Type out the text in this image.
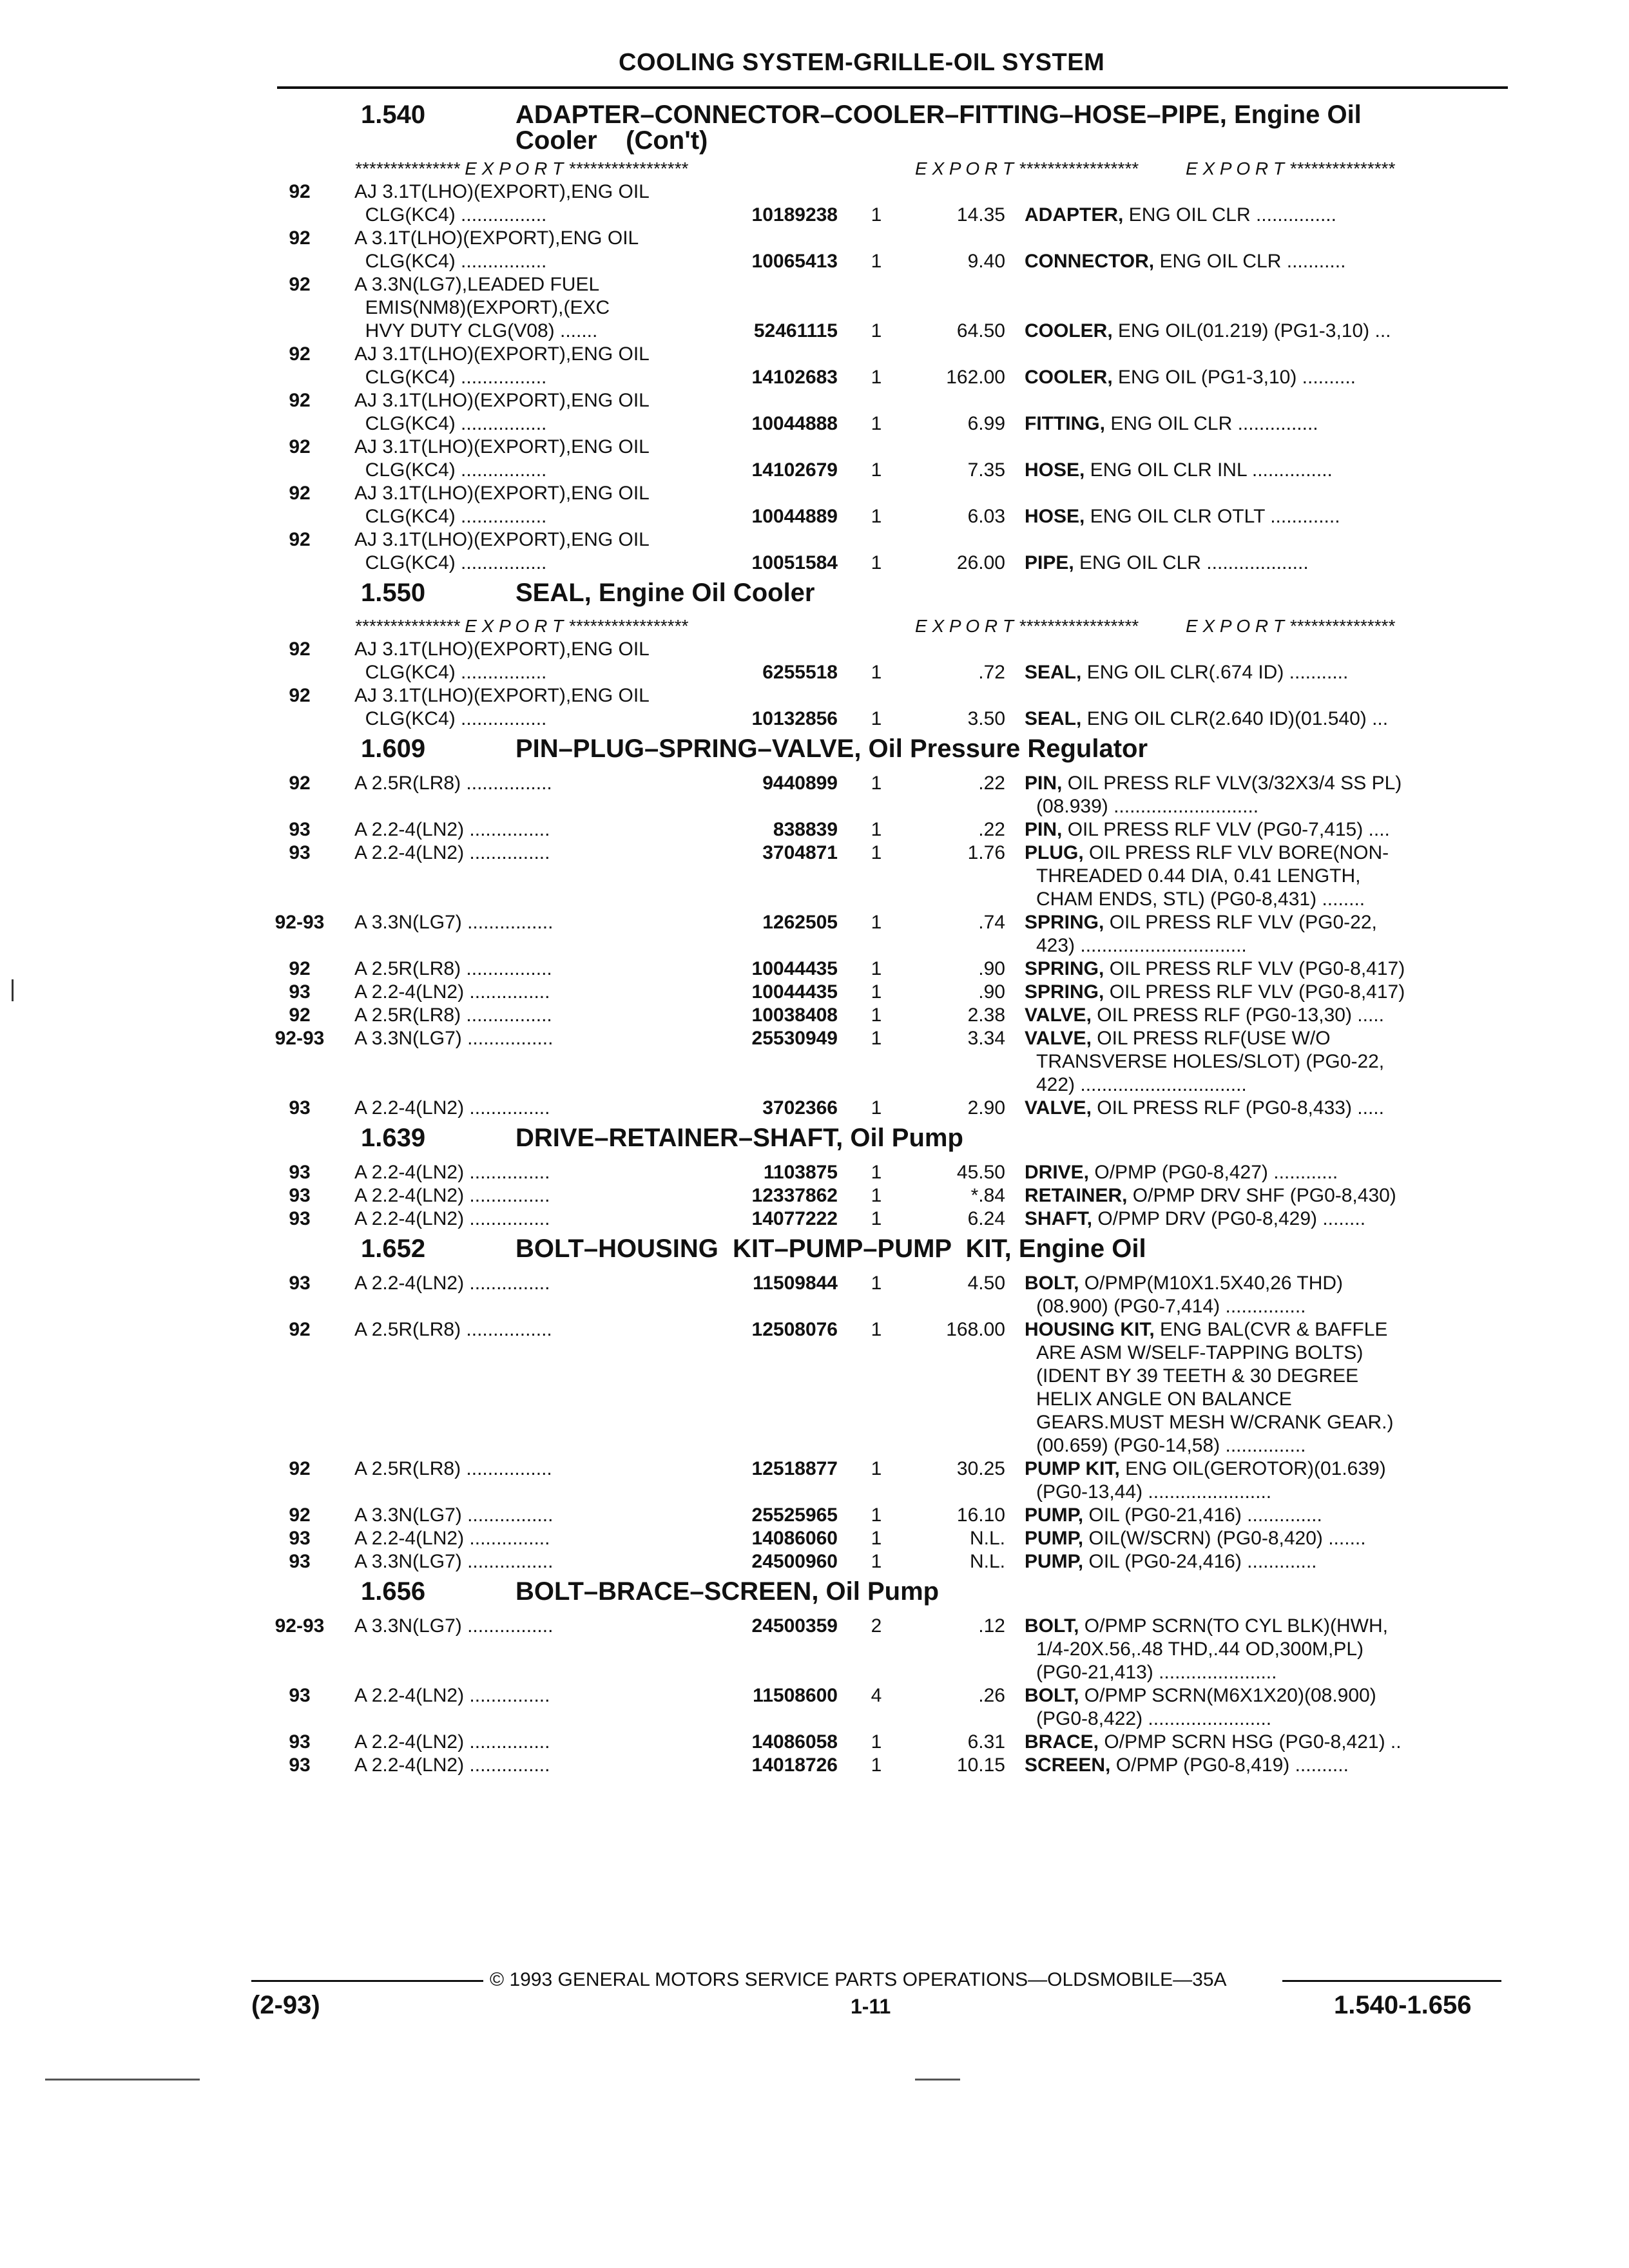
COOLING SYSTEM-GRILLE-OIL SYSTEM
1.540	ADAPTER–CONNECTOR–COOLER–FITTING–HOSE–PIPE, Engine Oil
Cooler    (Con't)
*************** E X P O R T *****************	E X P O R T *****************	E X P O R T ***************
92	AJ 3.1T(LHO)(EXPORT),ENG OIL
CLG(KC4) ................	10189238	1	14.35 ADAPTER, ENG OIL CLR ...............
92	A 3.1T(LHO)(EXPORT),ENG OIL
CLG(KC4) ................	10065413	1	9.40 CONNECTOR, ENG OIL CLR ...........
92	A 3.3N(LG7),LEADED FUEL
EMIS(NM8)(EXPORT),(EXC
HVY DUTY CLG(V08) .......	52461115	1	64.50 COOLER, ENG OIL(01.219) (PG1-3,10) ...
92	AJ 3.1T(LHO)(EXPORT),ENG OIL
CLG(KC4) ................	14102683	1	162.00 COOLER, ENG OIL (PG1-3,10) ..........
92	AJ 3.1T(LHO)(EXPORT),ENG OIL
CLG(KC4) ................	10044888	1	6.99 FITTING, ENG OIL CLR ...............
92	AJ 3.1T(LHO)(EXPORT),ENG OIL
CLG(KC4) ................	14102679	1	7.35 HOSE, ENG OIL CLR INL ...............
92	AJ 3.1T(LHO)(EXPORT),ENG OIL
CLG(KC4) ................	10044889	1	6.03 HOSE, ENG OIL CLR OTLT .............
92	AJ 3.1T(LHO)(EXPORT),ENG OIL
CLG(KC4) ................	10051584	1	26.00 PIPE, ENG OIL CLR ...................
1.550	SEAL, Engine Oil Cooler
*************** E X P O R T *****************	E X P O R T *****************	E X P O R T ***************
92	AJ 3.1T(LHO)(EXPORT),ENG OIL
CLG(KC4) ................	6255518	1	.72 SEAL, ENG OIL CLR(.674 ID) ...........
92	AJ 3.1T(LHO)(EXPORT),ENG OIL
CLG(KC4) ................	10132856	1	3.50 SEAL, ENG OIL CLR(2.640 ID)(01.540) ...
1.609	PIN–PLUG–SPRING–VALVE, Oil Pressure Regulator
92	A 2.5R(LR8) ................	9440899	1	.22 PIN, OIL PRESS RLF VLV(3/32X3/4 SS PL)
(08.939) ...........................
93	A 2.2-4(LN2) ...............	838839	1	.22 PIN, OIL PRESS RLF VLV (PG0-7,415) ....
93	A 2.2-4(LN2) ...............	3704871	1	1.76 PLUG, OIL PRESS RLF VLV BORE(NON-
THREADED 0.44 DIA, 0.41 LENGTH,
CHAM ENDS, STL) (PG0-8,431) ........
92-93	A 3.3N(LG7) ................	1262505	1	.74 SPRING, OIL PRESS RLF VLV (PG0-22,
423) ...............................
92	A 2.5R(LR8) ................	10044435	1	.90 SPRING, OIL PRESS RLF VLV (PG0-8,417)
93	A 2.2-4(LN2) ...............	10044435	1	.90 SPRING, OIL PRESS RLF VLV (PG0-8,417)
92	A 2.5R(LR8) ................	10038408	1	2.38 VALVE, OIL PRESS RLF (PG0-13,30) .....
92-93	A 3.3N(LG7) ................	25530949	1	3.34 VALVE, OIL PRESS RLF(USE W/O
TRANSVERSE HOLES/SLOT) (PG0-22,
422) ...............................
93	A 2.2-4(LN2) ...............	3702366	1	2.90 VALVE, OIL PRESS RLF (PG0-8,433) .....
1.639	DRIVE–RETAINER–SHAFT, Oil Pump
93	A 2.2-4(LN2) ...............	1103875	1	45.50 DRIVE, O/PMP (PG0-8,427) ............
93	A 2.2-4(LN2) ...............	12337862	1	*.84 RETAINER, O/PMP DRV SHF (PG0-8,430)
93	A 2.2-4(LN2) ...............	14077222	1	6.24 SHAFT, O/PMP DRV (PG0-8,429) ........
1.652	BOLT–HOUSING  KIT–PUMP–PUMP  KIT, Engine Oil
93	A 2.2-4(LN2) ...............	11509844	1	4.50 BOLT, O/PMP(M10X1.5X40,26 THD)
(08.900) (PG0-7,414) ...............
92	A 2.5R(LR8) ................	12508076	1	168.00 HOUSING KIT, ENG BAL(CVR & BAFFLE
ARE ASM W/SELF-TAPPING BOLTS)
(IDENT BY 39 TEETH & 30 DEGREE
HELIX ANGLE ON BALANCE
GEARS.MUST MESH W/CRANK GEAR.)
(00.659) (PG0-14,58) ...............
92	A 2.5R(LR8) ................	12518877	1	30.25 PUMP KIT, ENG OIL(GEROTOR)(01.639)
(PG0-13,44) .......................
92	A 3.3N(LG7) ................	25525965	1	16.10 PUMP, OIL (PG0-21,416) ..............
93	A 2.2-4(LN2) ...............	14086060	1	N.L. PUMP, OIL(W/SCRN) (PG0-8,420) .......
93	A 3.3N(LG7) ................	24500960	1	N.L. PUMP, OIL (PG0-24,416) .............
1.656	BOLT–BRACE–SCREEN, Oil Pump
92-93	A 3.3N(LG7) ................	24500359	2	.12 BOLT, O/PMP SCRN(TO CYL BLK)(HWH,
1/4-20X.56,.48 THD,.44 OD,300M,PL)
(PG0-21,413) ......................
93	A 2.2-4(LN2) ...............	11508600	4	.26 BOLT, O/PMP SCRN(M6X1X20)(08.900)
(PG0-8,422) .......................
93	A 2.2-4(LN2) ...............	14086058	1	6.31 BRACE, O/PMP SCRN HSG (PG0-8,421) ..
93	A 2.2-4(LN2) ...............	14018726	1	10.15 SCREEN, O/PMP (PG0-8,419) ..........
© 1993 GENERAL MOTORS SERVICE PARTS OPERATIONS—OLDSMOBILE—35A
(2-93)	1-11	1.540-1.656
